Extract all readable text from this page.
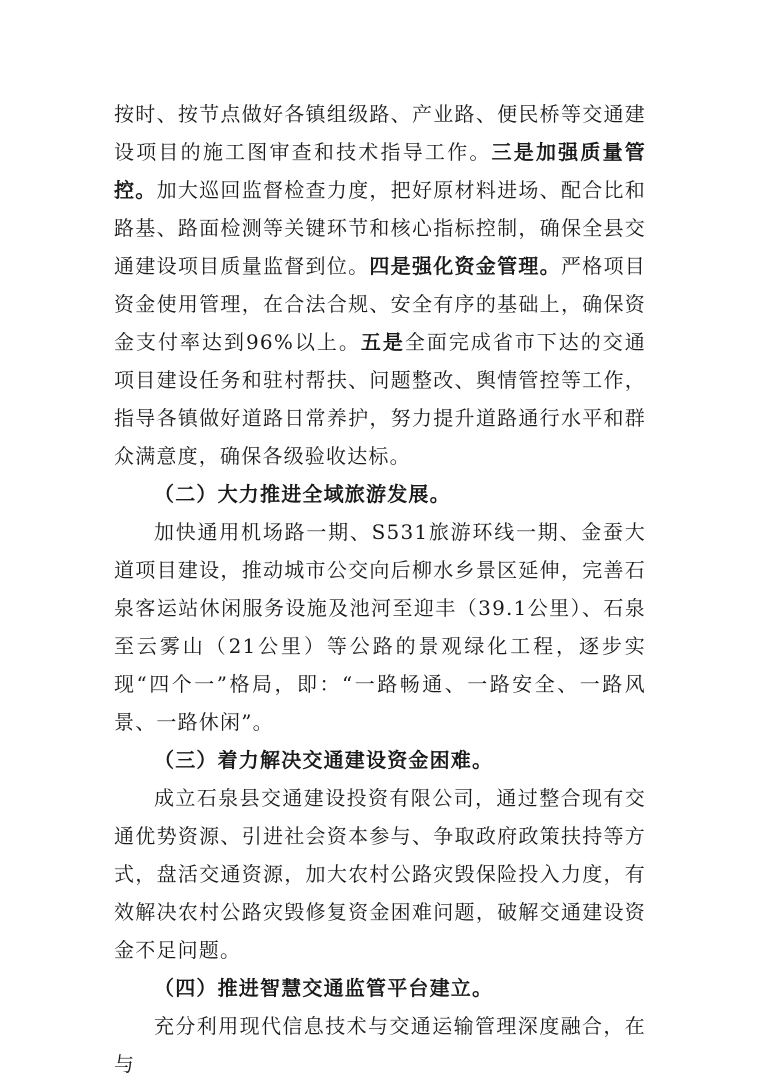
按时、按节点做好各镇组级路、产业路、便民桥等交通建设项目的施工图审查和技术指导工作。三是加强质量管控。加大巡回监督检查力度，把好原材料进场、配合比和路基、路面检测等关键环节和核心指标控制，确保全县交通建设项目质量监督到位。四是强化资金管理。严格项目资金使用管理，在合法合规、安全有序的基础上，确保资金支付率达到96%以上。五是全面完成省市下达的交通项目建设任务和驻村帮扶、问题整改、舆情管控等工作，指导各镇做好道路日常养护，努力提升道路通行水平和群众满意度，确保各级验收达标。

（二）大力推进全域旅游发展。

加快通用机场路一期、S531旅游环线一期、金蚕大道项目建设，推动城市公交向后柳水乡景区延伸，完善石泉客运站休闲服务设施及池河至迎丰（39.1公里）、石泉至云雾山（21公里）等公路的景观绿化工程，逐步实现“四个一”格局，即：“一路畅通、一路安全、一路风景、一路休闲”。

（三）着力解决交通建设资金困难。

成立石泉县交通建设投资有限公司，通过整合现有交通优势资源、引进社会资本参与、争取政府政策扶持等方式，盘活交通资源，加大农村公路灾毁保险投入力度，有效解决农村公路灾毁修复资金困难问题，破解交通建设资金不足问题。

（四）推进智慧交通监管平台建立。

充分利用现代信息技术与交通运输管理深度融合，在与
